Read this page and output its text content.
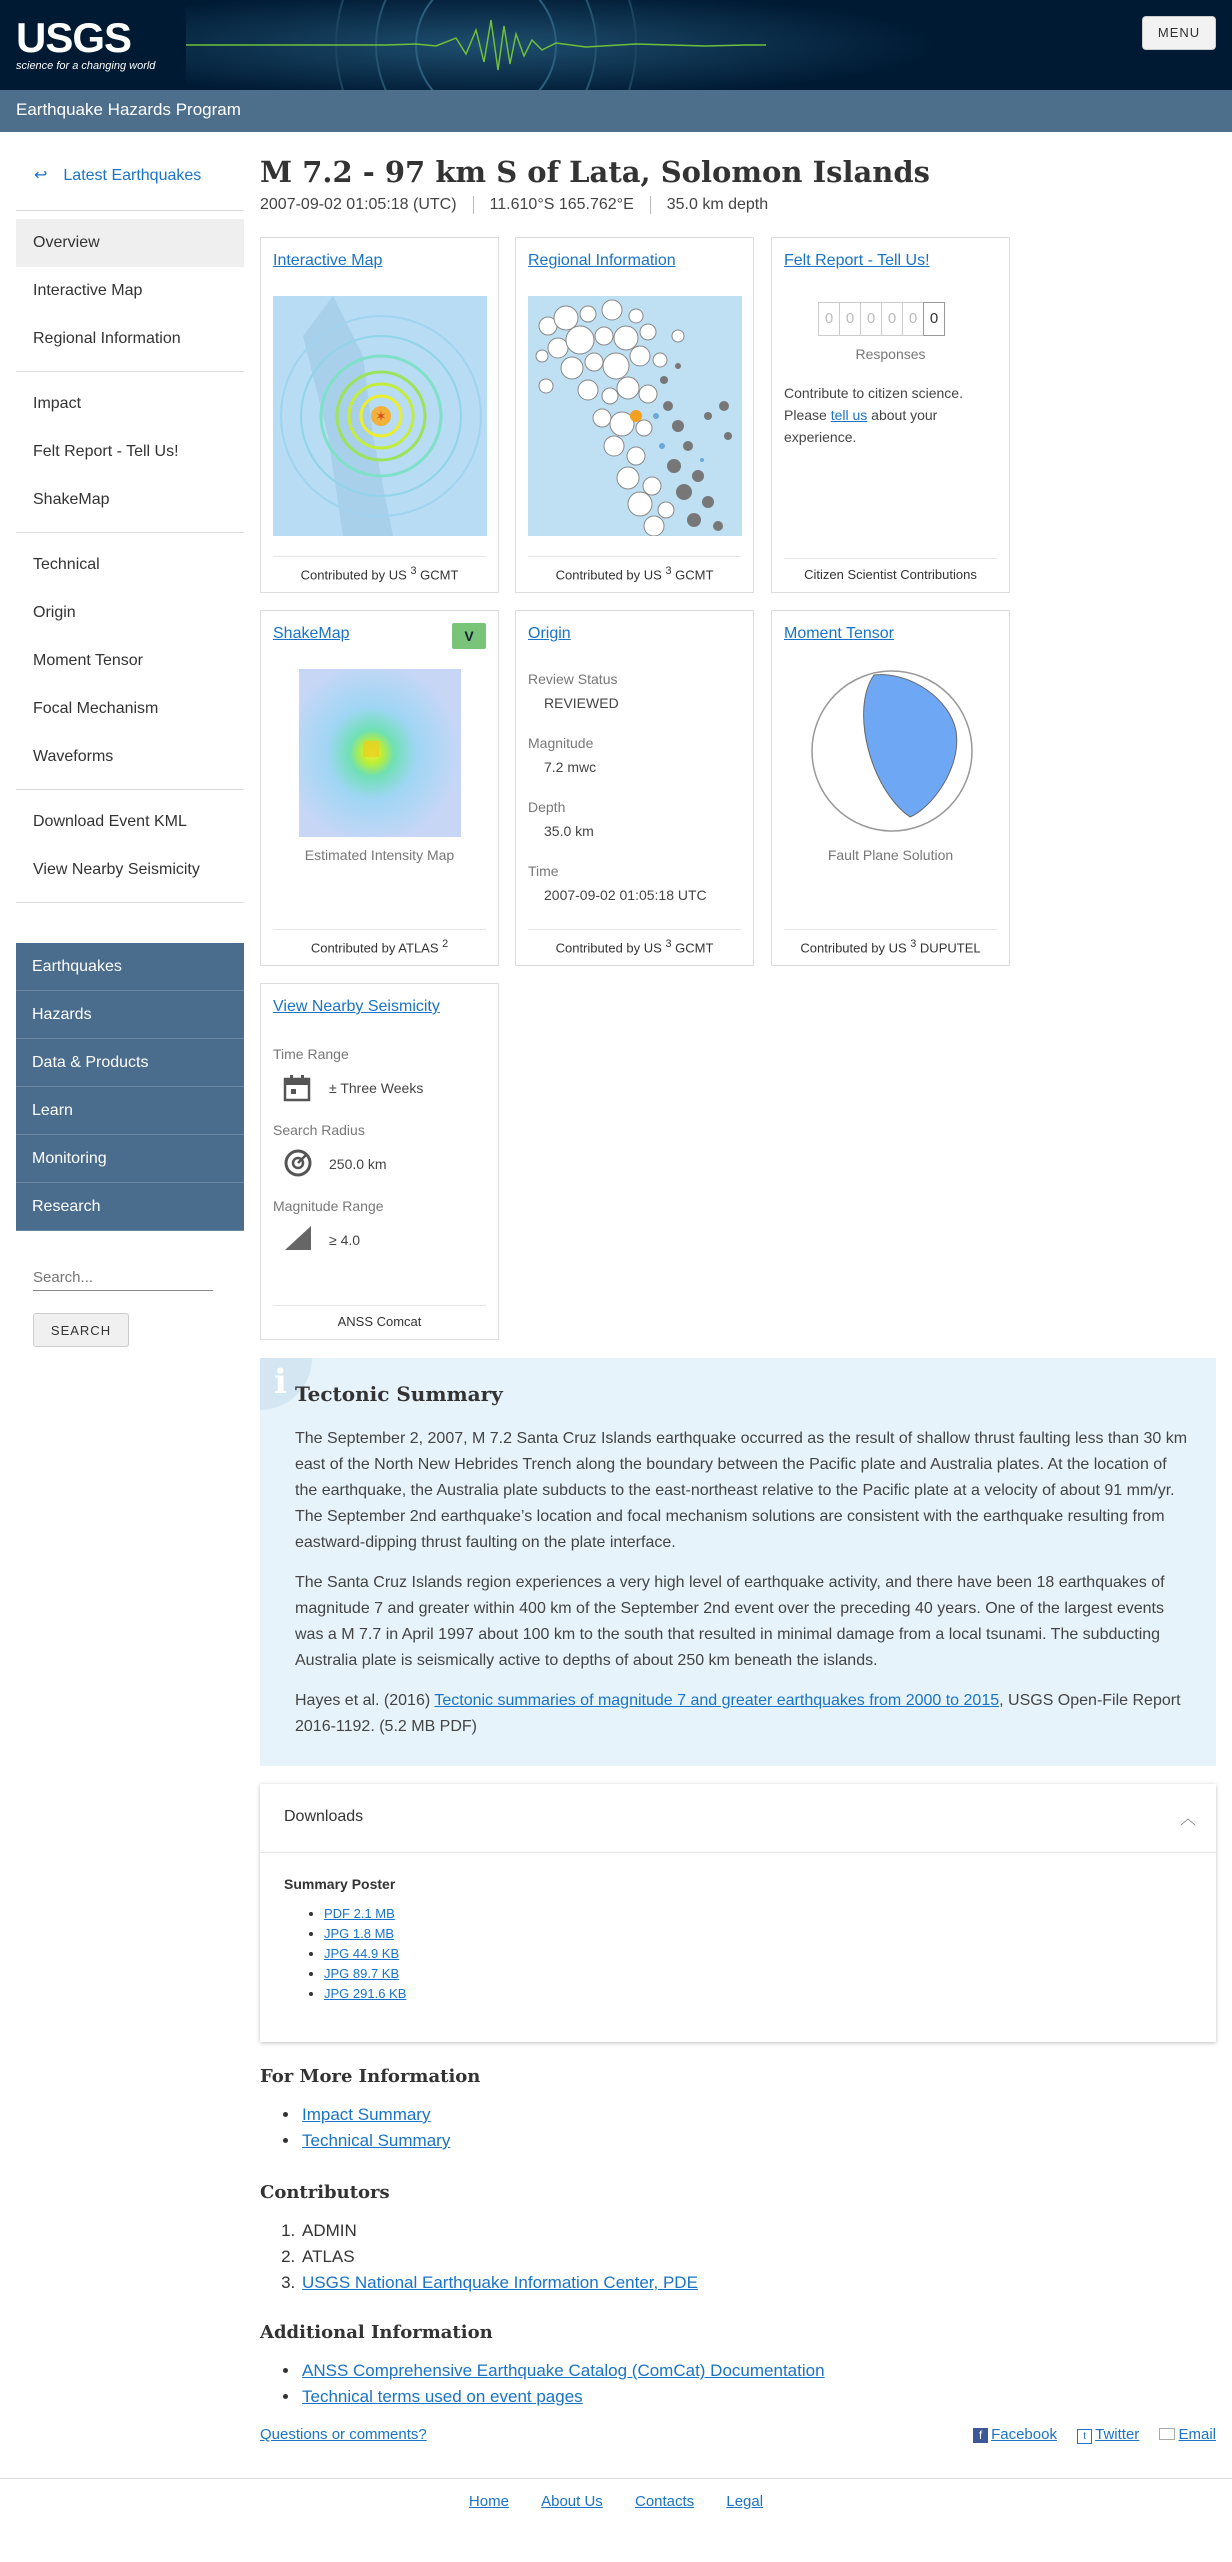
USGS
science for a changing world
MENU
Earthquake Hazards Program
↩ Latest Earthquakes
Overview
Interactive Map
Regional Information
Impact
Felt Report - Tell Us!
ShakeMap
Technical
Origin
Moment Tensor
Focal Mechanism
Waveforms
Download Event KML
View Nearby Seismicity
Earthquakes
Hazards
Data & Products
Learn
Monitoring
Research
Search...
SEARCH
M 7.2 - 97 km S of Lata, Solomon Islands
2007-09-02 01:05:18 (UTC) 11.610°S 165.762°E 35.0 km depth
Interactive Map
✶
Contributed by US $^3$ GCMT
Regional Information
Contributed by US $^3$ GCMT
Felt Report - Tell Us!
0 0 0 0 0 0
Responses
Contribute to citizen science.
Please tell us about your experience.
Citizen Scientist Contributions
ShakeMap	V
Estimated Intensity Map
Contributed by ATLAS $^2$
Origin
Review Status
REVIEWED
Magnitude
7.2 mwc
Depth
35.0 km
Time
2007-09-02 01:05:18 UTC
Contributed by US $^3$ GCMT
Moment Tensor
Fault Plane Solution
Contributed by US $^3$ DUPUTEL
View Nearby Seismicity
Time Range
± Three Weeks
Search Radius
250.0 km
Magnitude Range
≥ 4.0
ANSS Comcat
i Tectonic Summary

The September 2, 2007, M 7.2 Santa Cruz Islands earthquake occurred as the result of shallow thrust faulting less than 30 km east of the North New Hebrides Trench along the boundary between the Pacific plate and Australia plates. At the location of the earthquake, the Australia plate subducts to the east-northeast relative to the Pacific plate at a velocity of about 91 mm/yr. The September 2nd earthquake’s location and focal mechanism solutions are consistent with the earthquake resulting from eastward-dipping thrust faulting on the plate interface.

The Santa Cruz Islands region experiences a very high level of earthquake activity, and there have been 18 earthquakes of magnitude 7 and greater within 400 km of the September 2nd event over the preceding 40 years. One of the largest events was a M 7.7 in April 1997 about 100 km to the south that resulted in minimal damage from a local tsunami. The subducting Australia plate is seismically active to depths of about 250 km beneath the islands.

Hayes et al. (2016) Tectonic summaries of magnitude 7 and greater earthquakes from 2000 to 2015, USGS Open-File Report 2016-1192. (5.2 MB PDF)

Downloads	︿
Summary Poster
• PDF 2.1 MB
• JPG 1.8 MB
• JPG 44.9 KB
• JPG 89.7 KB
• JPG 291.6 KB
For More Information
• Impact Summary
• Technical Summary
Contributors
1. ADMIN
2. ATLAS
3. USGS National Earthquake Information Center, PDE
Additional Information
• ANSS Comprehensive Earthquake Catalog (ComCat) Documentation
• Technical terms used on event pages
Questions or comments?	f Facebook	t Twitter	Email
Home About Us Contacts Legal
